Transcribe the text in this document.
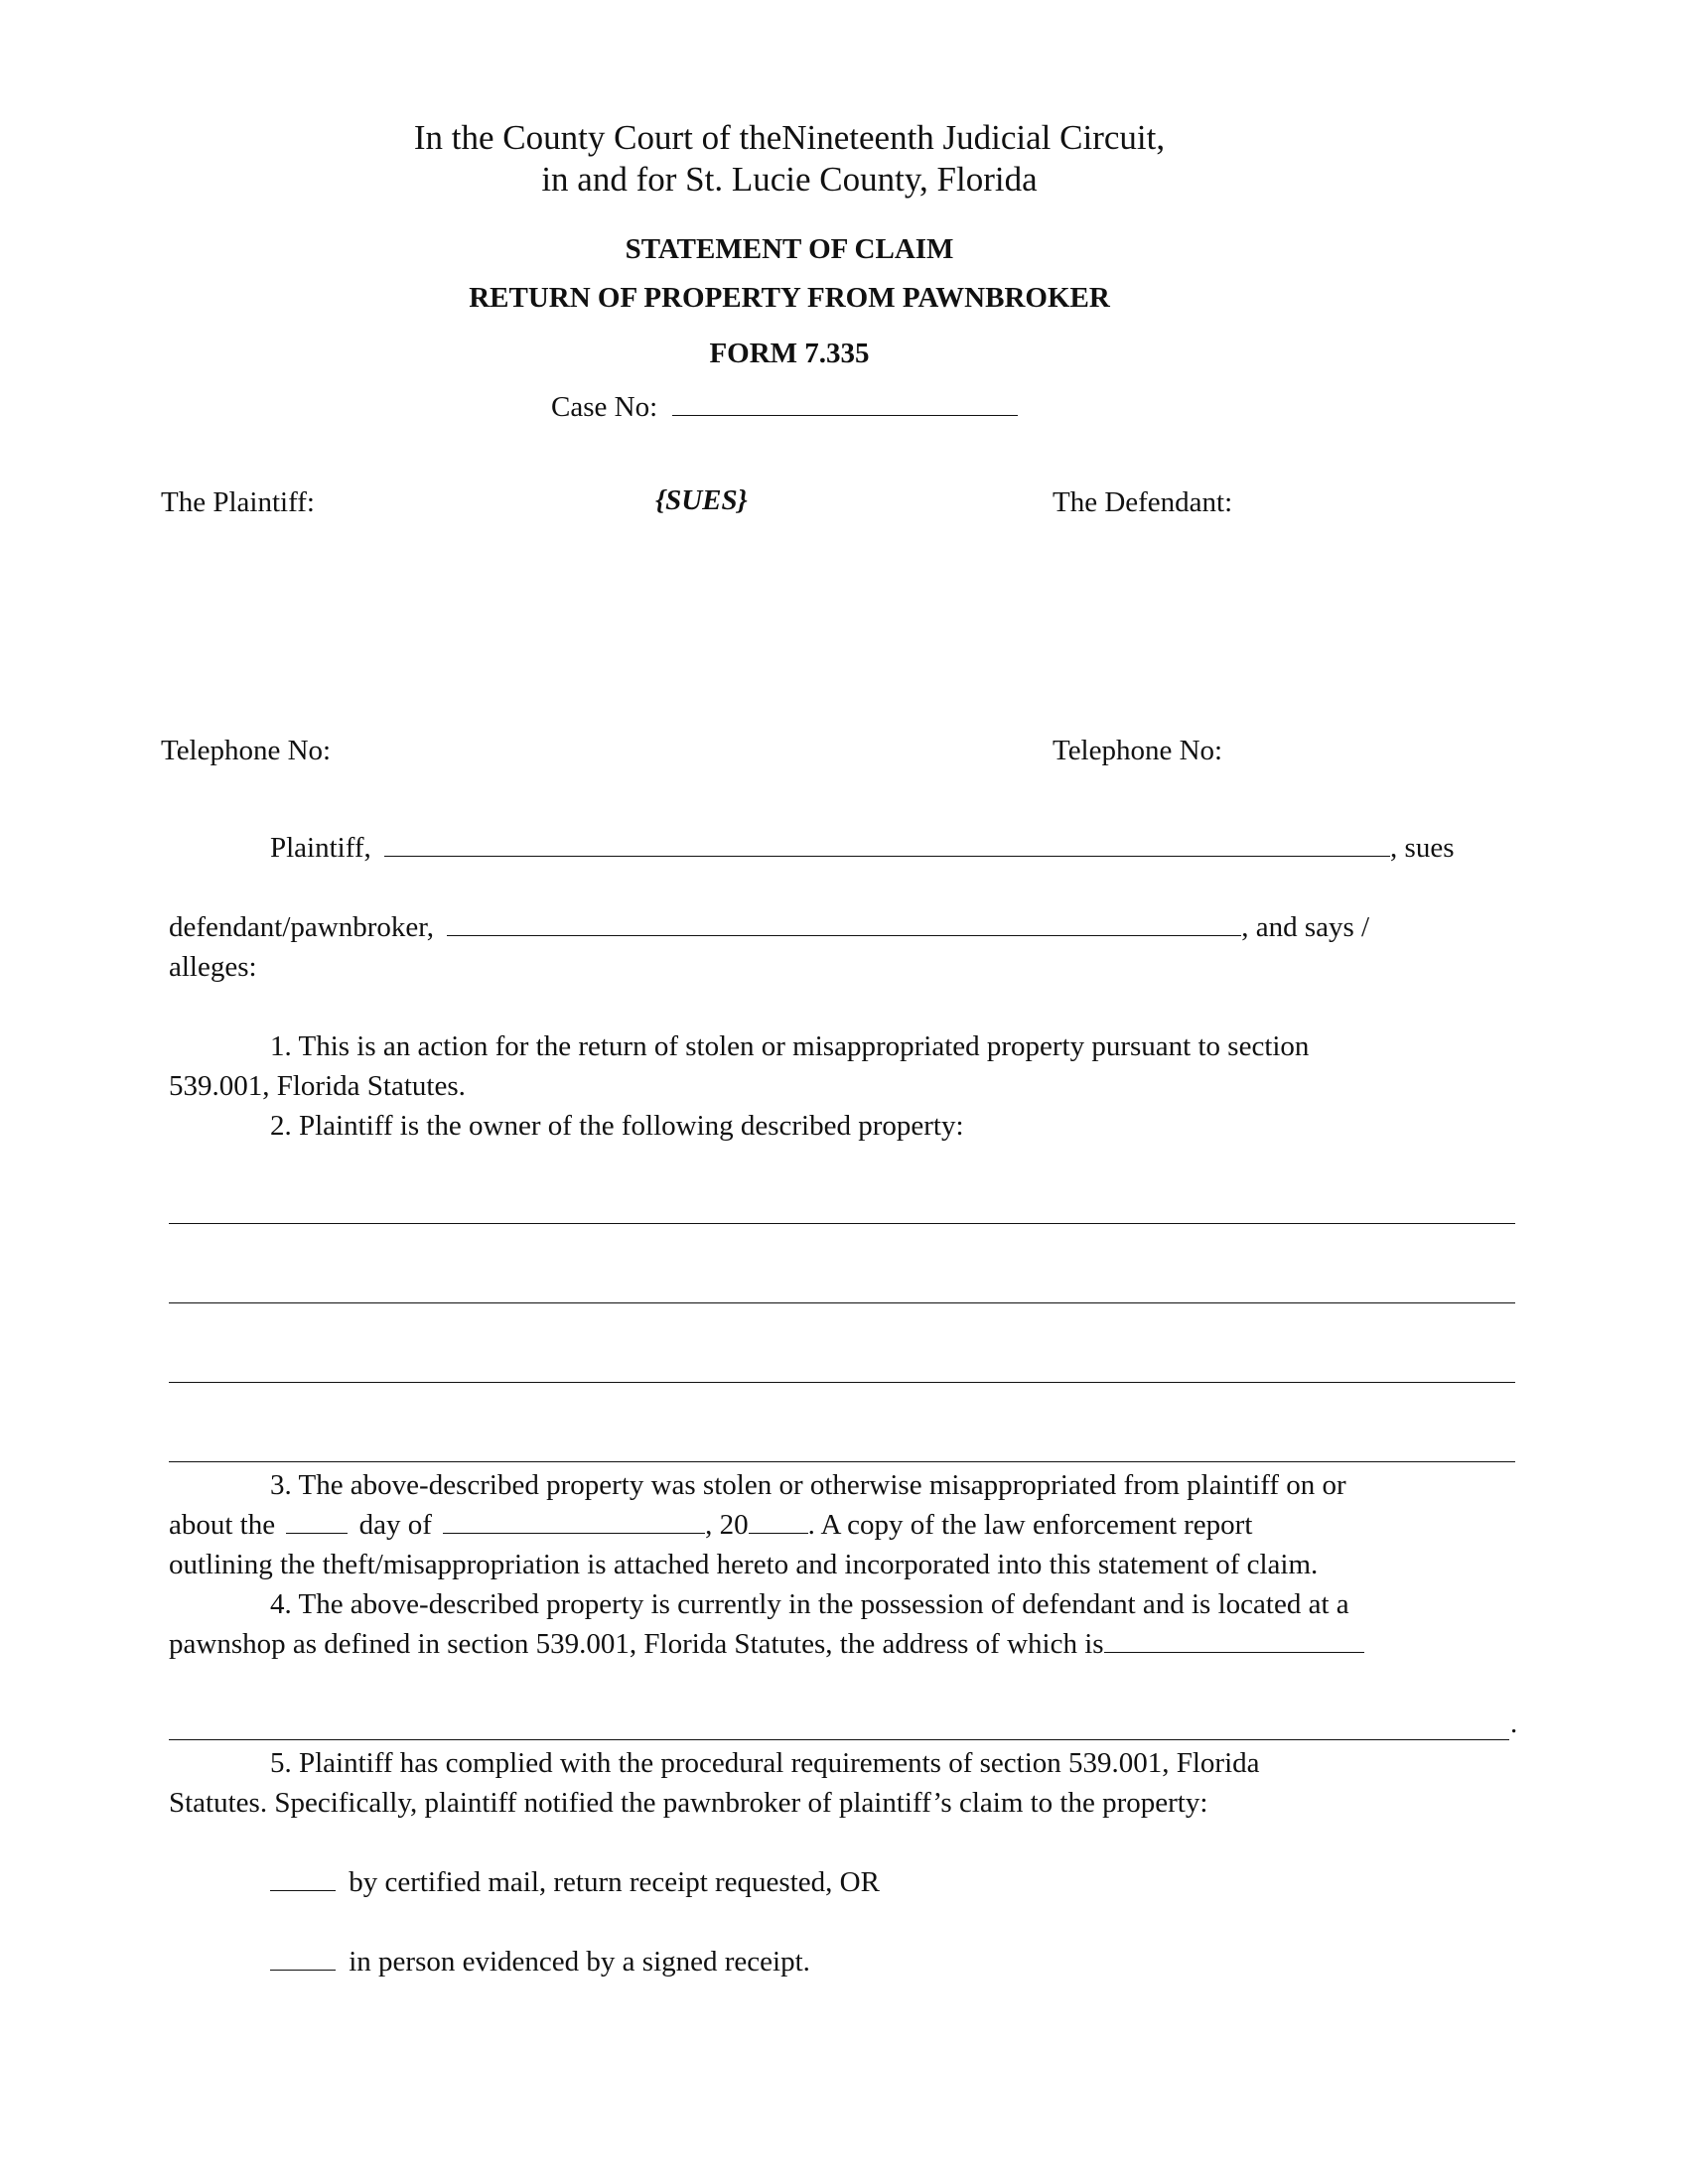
In the County Court of theNineteenth Judicial Circuit,
in and for St. Lucie County, Florida
STATEMENT OF CLAIM
RETURN OF PROPERTY FROM PAWNBROKER
FORM 7.335
Case No:
The Plaintiff:	{SUES}	The Defendant:
Telephone No:	Telephone No:
Plaintiff,	, sues
defendant/pawnbroker,	, and says /
alleges:
1. This is an action for the return of stolen or misappropriated property pursuant to section
539.001, Florida Statutes.
2. Plaintiff is the owner of the following described property:
3. The above-described property was stolen or otherwise misappropriated from plaintiff on or
about the	day of	, 20 . A copy of the law enforcement report
outlining the theft/misappropriation is attached hereto and incorporated into this statement of claim.
4. The above-described property is currently in the possession of defendant and is located at a
pawnshop as defined in section 539.001, Florida Statutes, the address of which is
.
5. Plaintiff has complied with the procedural requirements of section 539.001, Florida
Statutes. Specifically, plaintiff notified the pawnbroker of plaintiff’s claim to the property:
by certified mail, return receipt requested, OR
in person evidenced by a signed receipt.
